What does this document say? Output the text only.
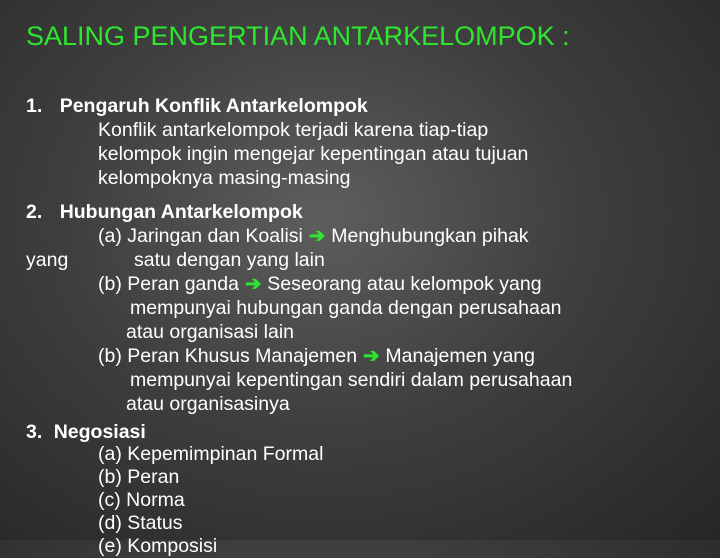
SALING PENGERTIAN ANTARKELOMPOK :
1. Pengaruh Konflik Antarkelompok
Konflik antarkelompok terjadi karena tiap-tiap
kelompok ingin mengejar kepentingan atau tujuan
kelompoknya masing-masing
2. Hubungan Antarkelompok
(a) Jaringan dan Koalisi ➔ Menghubungkan pihak
yang	satu dengan yang lain
(b) Peran ganda ➔ Seseorang atau kelompok yang
mempunyai hubungan ganda dengan perusahaan
atau organisasi lain
(b) Peran Khusus Manajemen ➔ Manajemen yang
mempunyai kepentingan sendiri dalam perusahaan
atau organisasinya
3. Negosiasi
(a) Kepemimpinan Formal
(b) Peran
(c) Norma
(d) Status
(e) Komposisi
